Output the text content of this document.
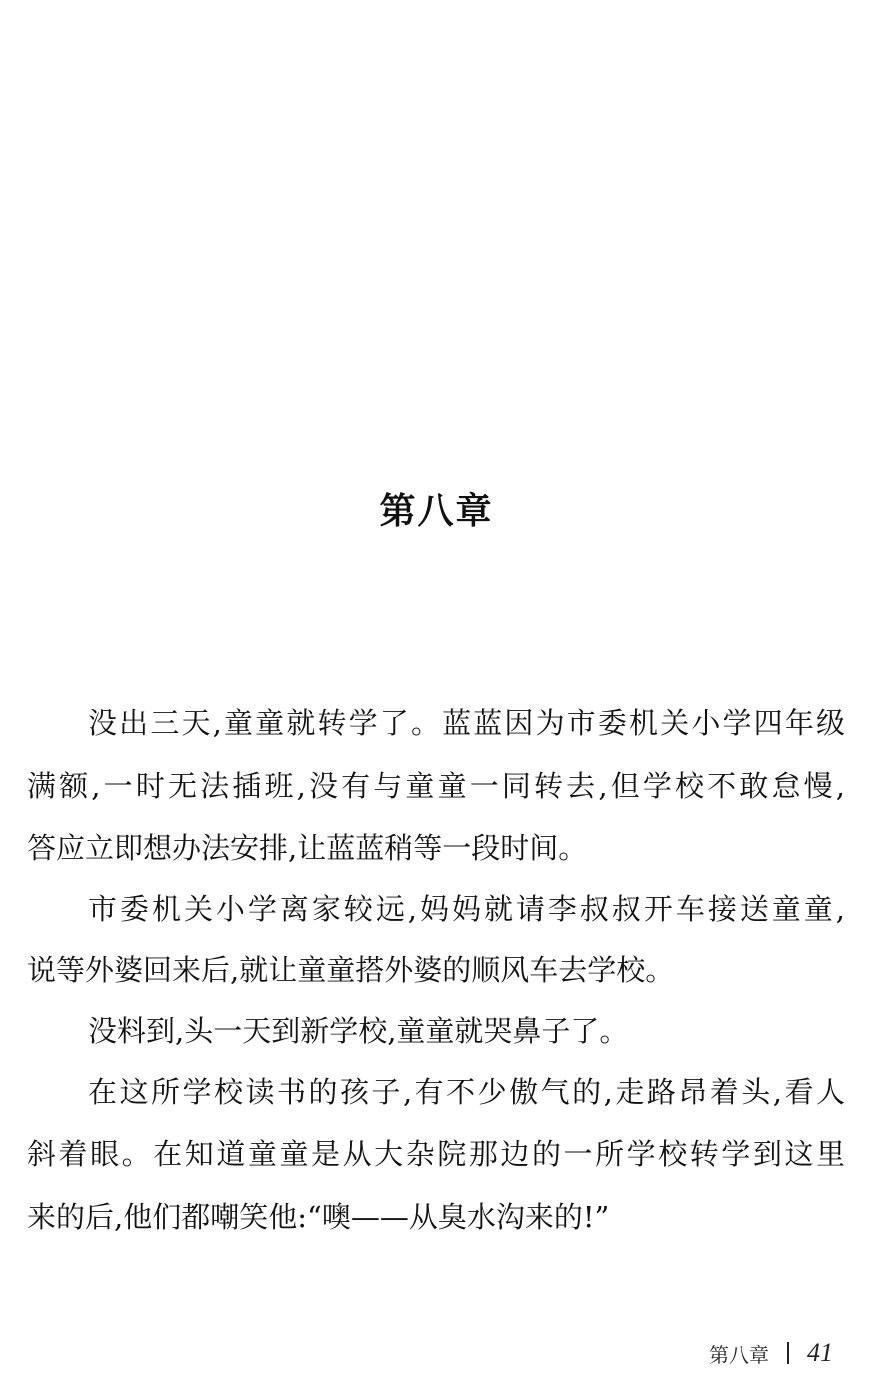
第八章
没出三天,童童就转学了。蓝蓝因为市委机关小学四年级
满额,一时无法插班,没有与童童一同转去,但学校不敢怠慢,
答应立即想办法安排,让蓝蓝稍等一段时间。
市委机关小学离家较远,妈妈就请李叔叔开车接送童童,
说等外婆回来后,就让童童搭外婆的顺风车去学校。
没料到,头一天到新学校,童童就哭鼻子了。
在这所学校读书的孩子,有不少傲气的,走路昂着头,看人
斜着眼。在知道童童是从大杂院那边的一所学校转学到这里
来的后,他们都嘲笑他:“噢——从臭水沟来的!”
第八章 41
